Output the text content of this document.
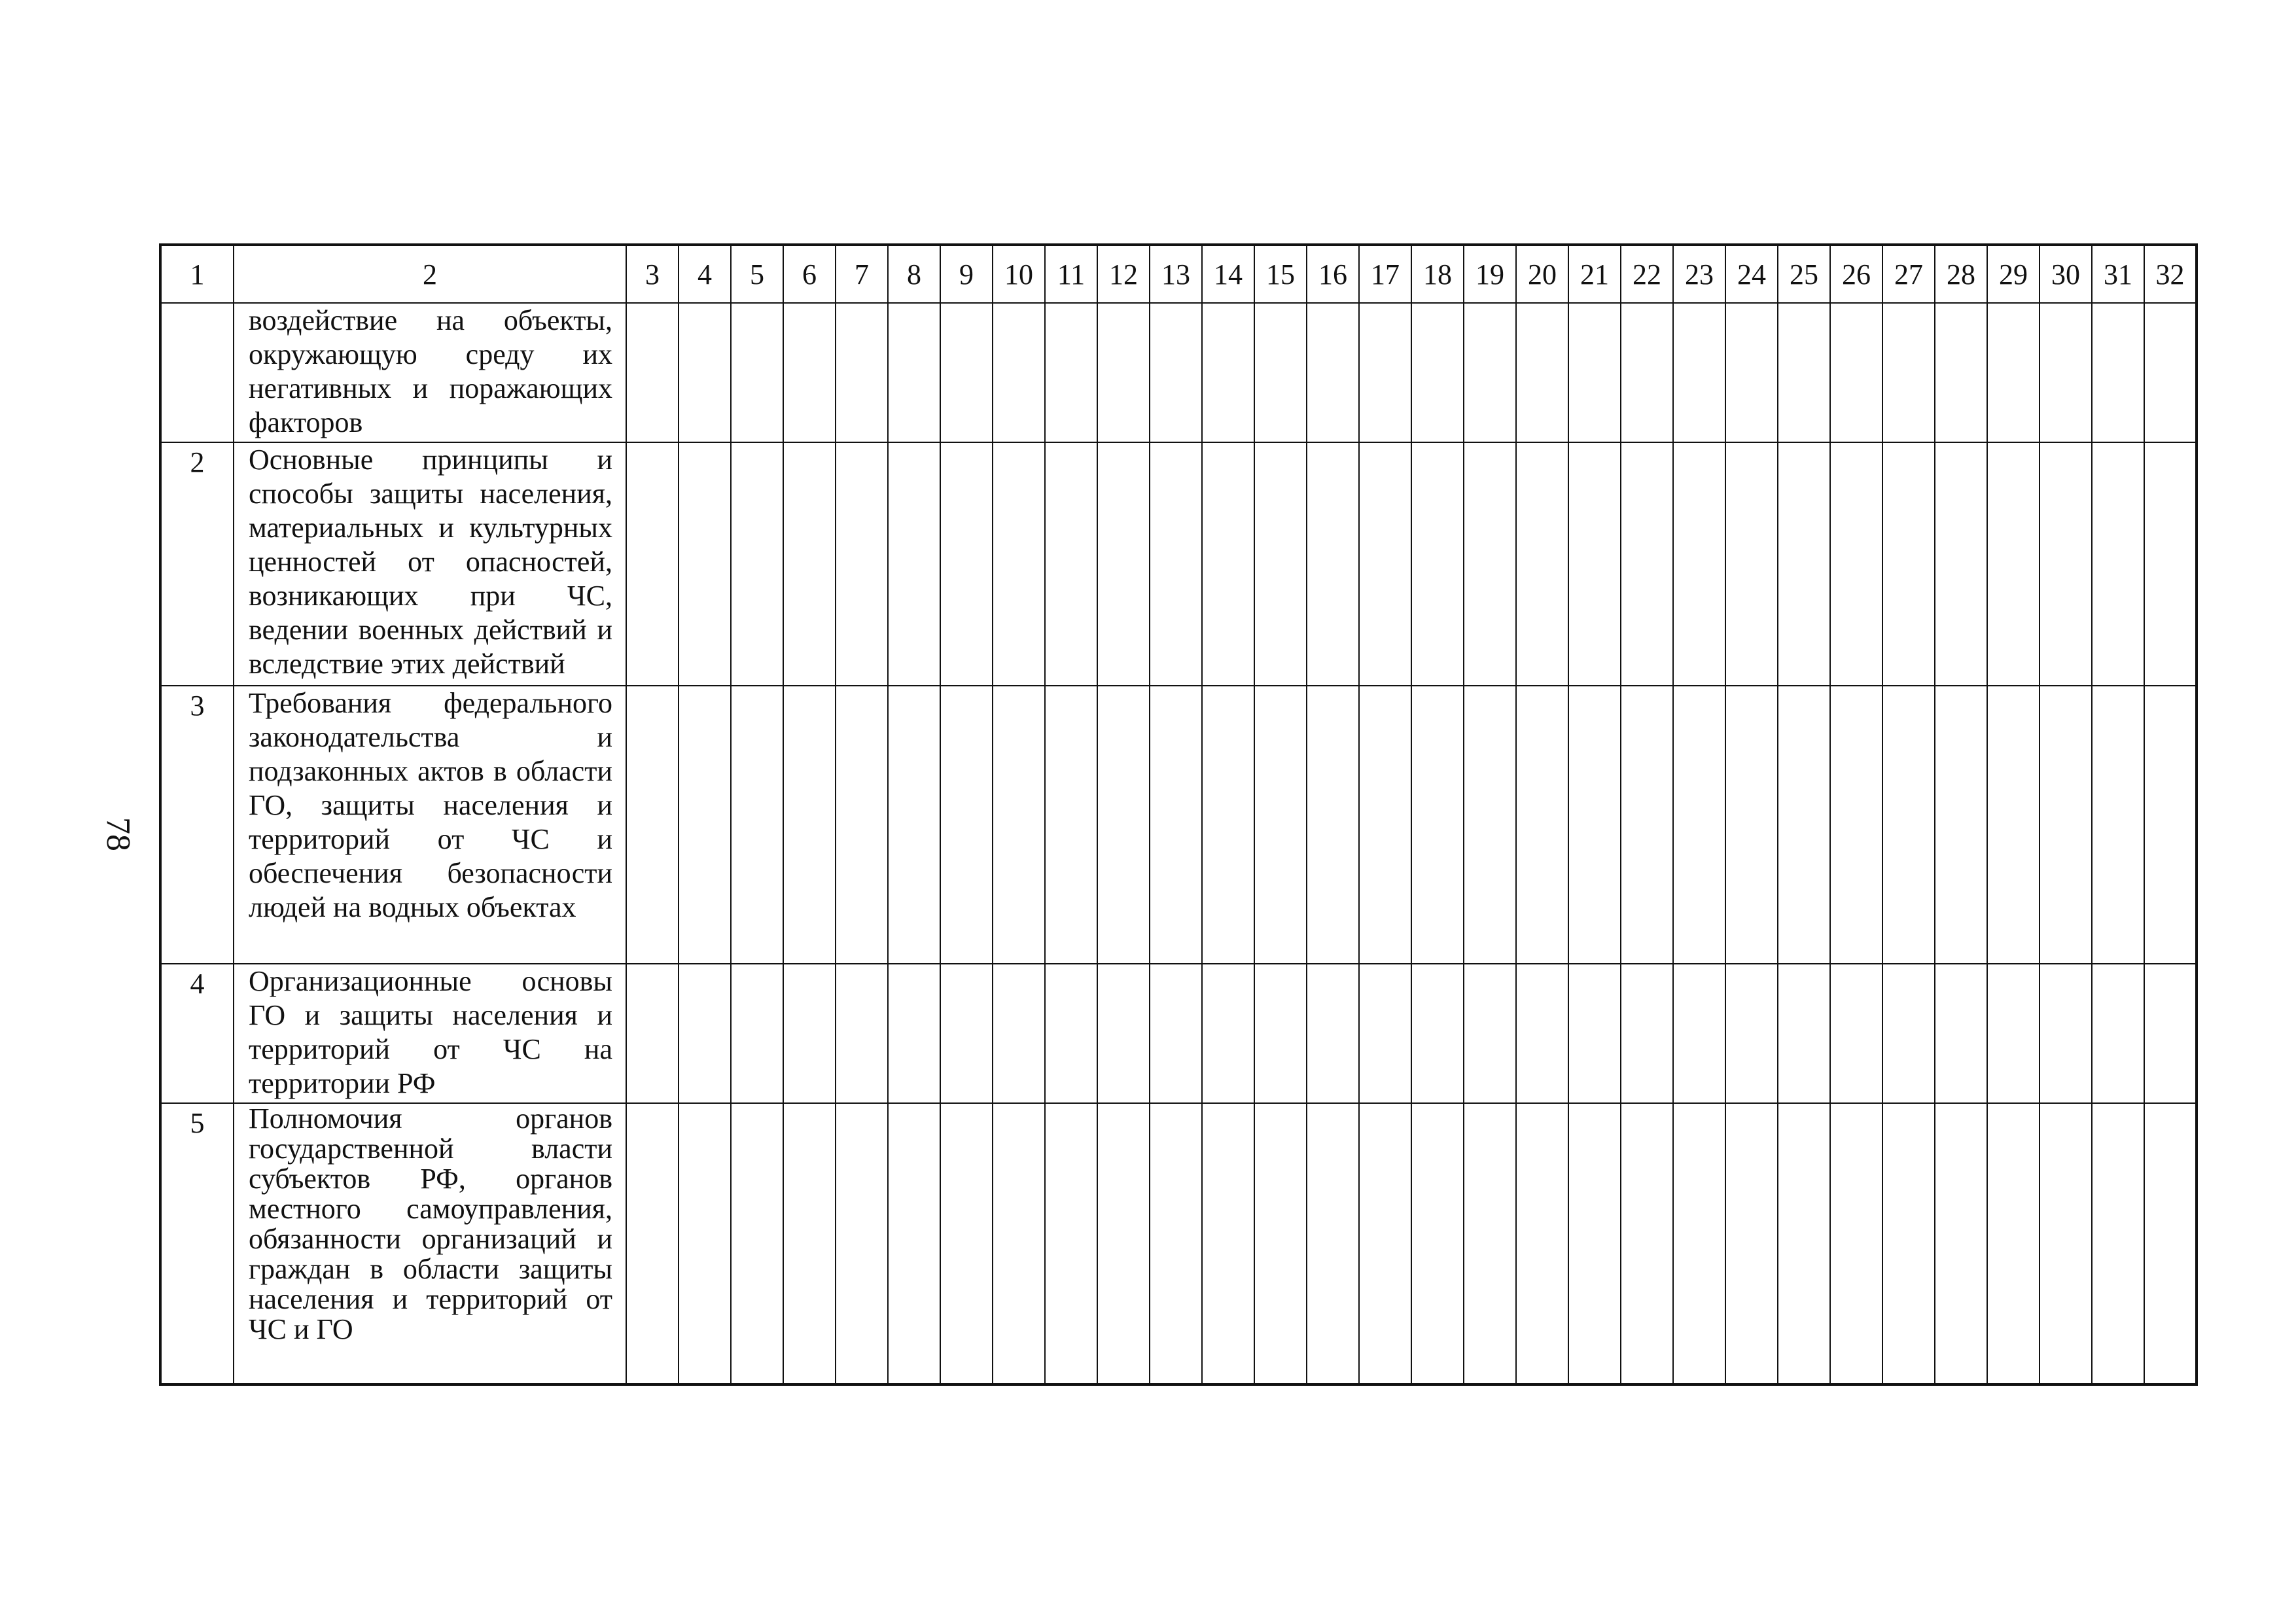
78
1	2	3	4	5	6	7	8	9	10	11	12	13	14	15	16	17	18	19	20	21	22	23	24	25	26	27	28	29	30	31	32
	воздействие на объекты, окружающую среду их негативных и поражающих факторов																														
2	Основные принципы и способы защиты населения, материальных и культурных ценностей от опасностей, возникающих при ЧС, ведении военных действий и вследствие этих действий																														
3	Требования федерального законодательства и подзаконных актов в области ГО, защиты населения и территорий от ЧС и обеспечения безопасности людей на водных объектах																														
4	Организационные основы ГО и защиты населения и территорий от ЧС на территории РФ																														
5	Полномочия органов государственной власти субъектов РФ, органов местного самоуправления, обязанности организаций и граждан в области защиты населения и территорий от ЧС и ГО																														
